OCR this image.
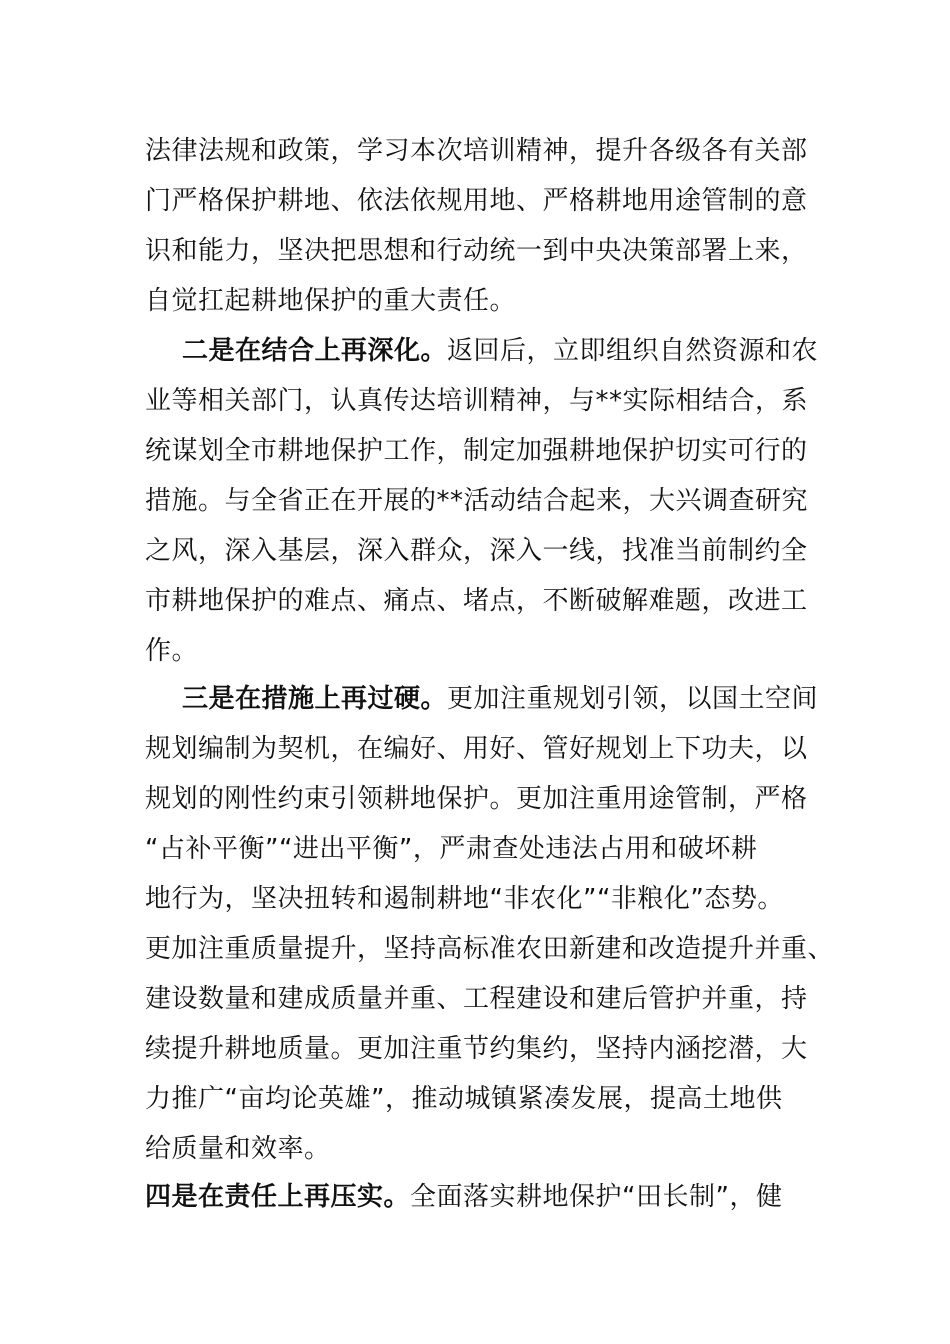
法律法规和政策，学习本次培训精神，提升各级各有关部
门严格保护耕地、依法依规用地、严格耕地用途管制的意
识和能力，坚决把思想和行动统一到中央决策部署上来，
自觉扛起耕地保护的重大责任。
二是在结合上再深化。返回后，立即组织自然资源和农
业等相关部门，认真传达培训精神，与**实际相结合，系
统谋划全市耕地保护工作，制定加强耕地保护切实可行的
措施。与全省正在开展的**活动结合起来，大兴调查研究
之风，深入基层，深入群众，深入一线，找准当前制约全
市耕地保护的难点、痛点、堵点，不断破解难题，改进工
作。
三是在措施上再过硬。更加注重规划引领，以国土空间
规划编制为契机，在编好、用好、管好规划上下功夫，以
规划的刚性约束引领耕地保护。更加注重用途管制，严格
“占补平衡”“进出平衡”，严肃查处违法占用和破坏耕
地行为，坚决扭转和遏制耕地“非农化”“非粮化”态势。
更加注重质量提升，坚持高标准农田新建和改造提升并重、
建设数量和建成质量并重、工程建设和建后管护并重，持
续提升耕地质量。更加注重节约集约，坚持内涵挖潜，大
力推广“亩均论英雄”，推动城镇紧凑发展，提高土地供
给质量和效率。
四是在责任上再压实。全面落实耕地保护“田长制”，健
